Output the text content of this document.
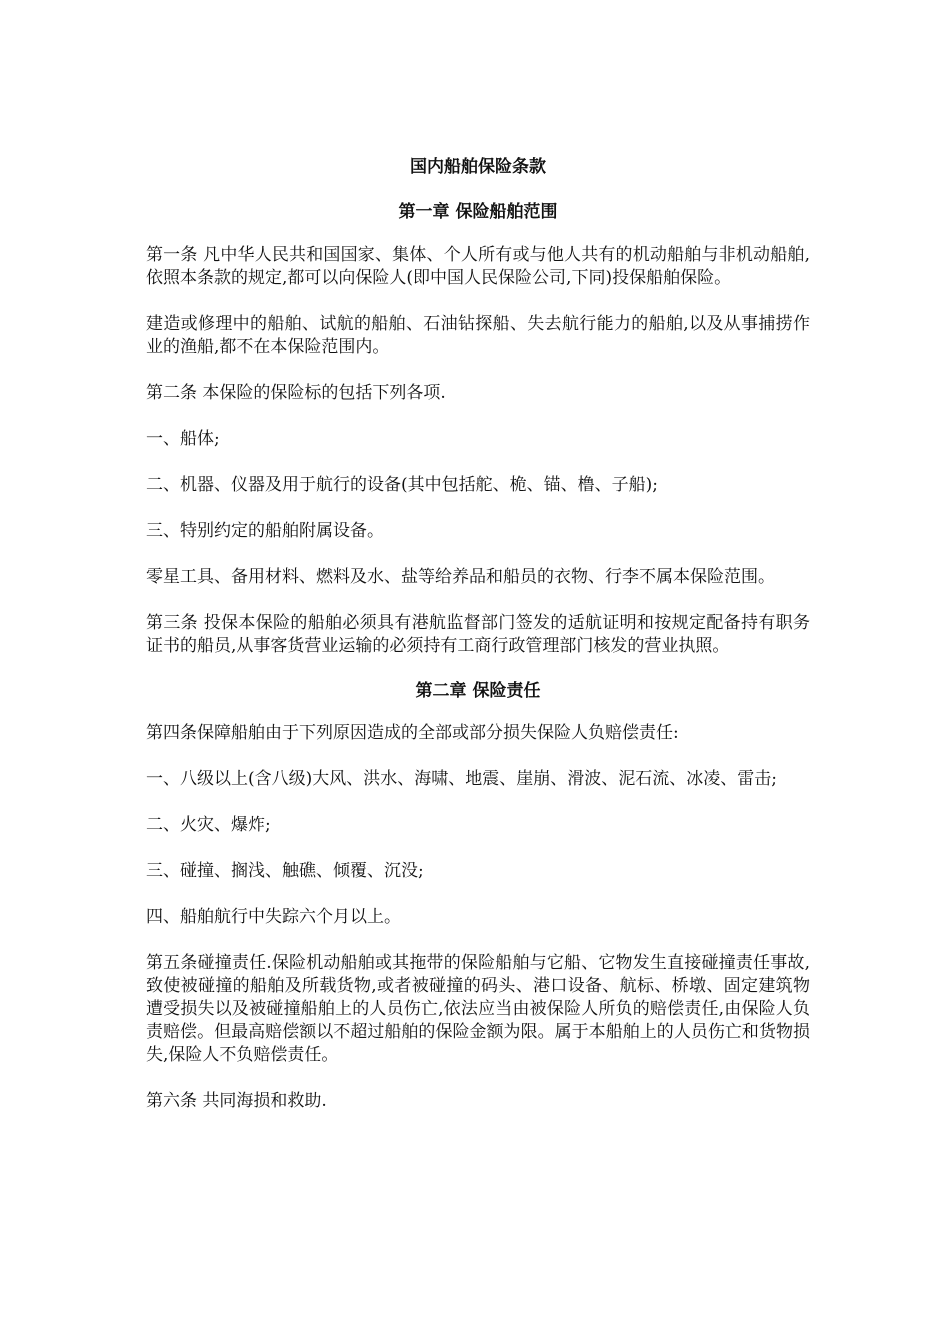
国内船舶保险条款
第一章 保险船舶范围

第一条 凡中华人民共和国国家、集体、个人所有或与他人共有的机动船舶与非机动船舶,依照本条款的规定,都可以向保险人(即中国人民保险公司,下同)投保船舶保险。

建造或修理中的船舶、试航的船舶、石油钻探船、失去航行能力的船舶,以及从事捕捞作业的渔船,都不在本保险范围内。

第二条 本保险的保险标的包括下列各项.

一、船体;

二、机器、仪器及用于航行的设备(其中包括舵、桅、锚、橹、子船);

三、特别约定的船舶附属设备。

零星工具、备用材料、燃料及水、盐等给养品和船员的衣物、行李不属本保险范围。

第三条 投保本保险的船舶必须具有港航监督部门签发的适航证明和按规定配备持有职务证书的船员,从事客货营业运输的必须持有工商行政管理部门核发的营业执照。

第二章 保险责任

第四条保障船舶由于下列原因造成的全部或部分损失保险人负赔偿责任:

一、八级以上(含八级)大风、洪水、海啸、地震、崖崩、滑波、泥石流、冰凌、雷击;

二、火灾、爆炸;

三、碰撞、搁浅、触礁、倾覆、沉没;

四、船舶航行中失踪六个月以上。

第五条碰撞责任.保险机动船舶或其拖带的保险船舶与它船、它物发生直接碰撞责任事故,致使被碰撞的船舶及所载货物,或者被碰撞的码头、港口设备、航标、桥墩、固定建筑物遭受损失以及被碰撞船舶上的人员伤亡,依法应当由被保险人所负的赔偿责任,由保险人负责赔偿。但最高赔偿额以不超过船舶的保险金额为限。属于本船舶上的人员伤亡和货物损失,保险人不负赔偿责任。

第六条 共同海损和救助.
